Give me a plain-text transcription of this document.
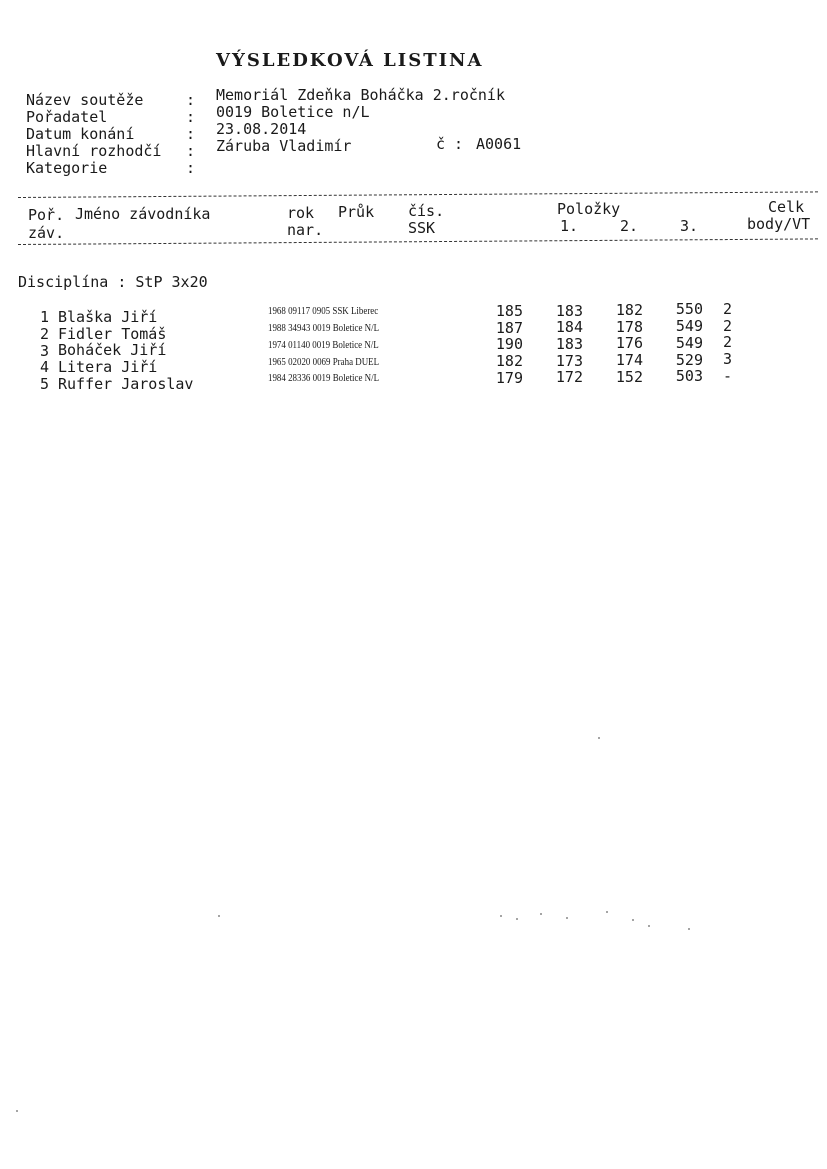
VÝSLEDKOVÁ LISTINA
Název soutěže	: Memoriál Zdeňka Boháčka 2.ročník
Pořadatel	: 0019 Boletice n/L
Datum konání	: 23.08.2014
Hlavní rozhodčí : Záruba Vladimír	č : A0061
Kategorie	:
Poř.
záv.
Jméno závodníka	rok
nar.
Průk čís.
SSK
Položky
1.	2.	3.
Celk
body/VT
Disciplína : StP 3x20
1 Blaška Jiří	1968 09117 0905 SSK Liberec	185	183	182	550 2
2 Fidler Tomáš	1988 34943 0019 Boletice N/L	187	184	178	549 2
3 Boháček Jiří	1974 01140 0019 Boletice N/L	190	183	176	549 2
4 Litera Jiří	1965 02020 0069 Praha DUEL	182	173	174	529 3
5 Ruffer Jaroslav	1984 28336 0019 Boletice N/L	179	172	152	503 -
